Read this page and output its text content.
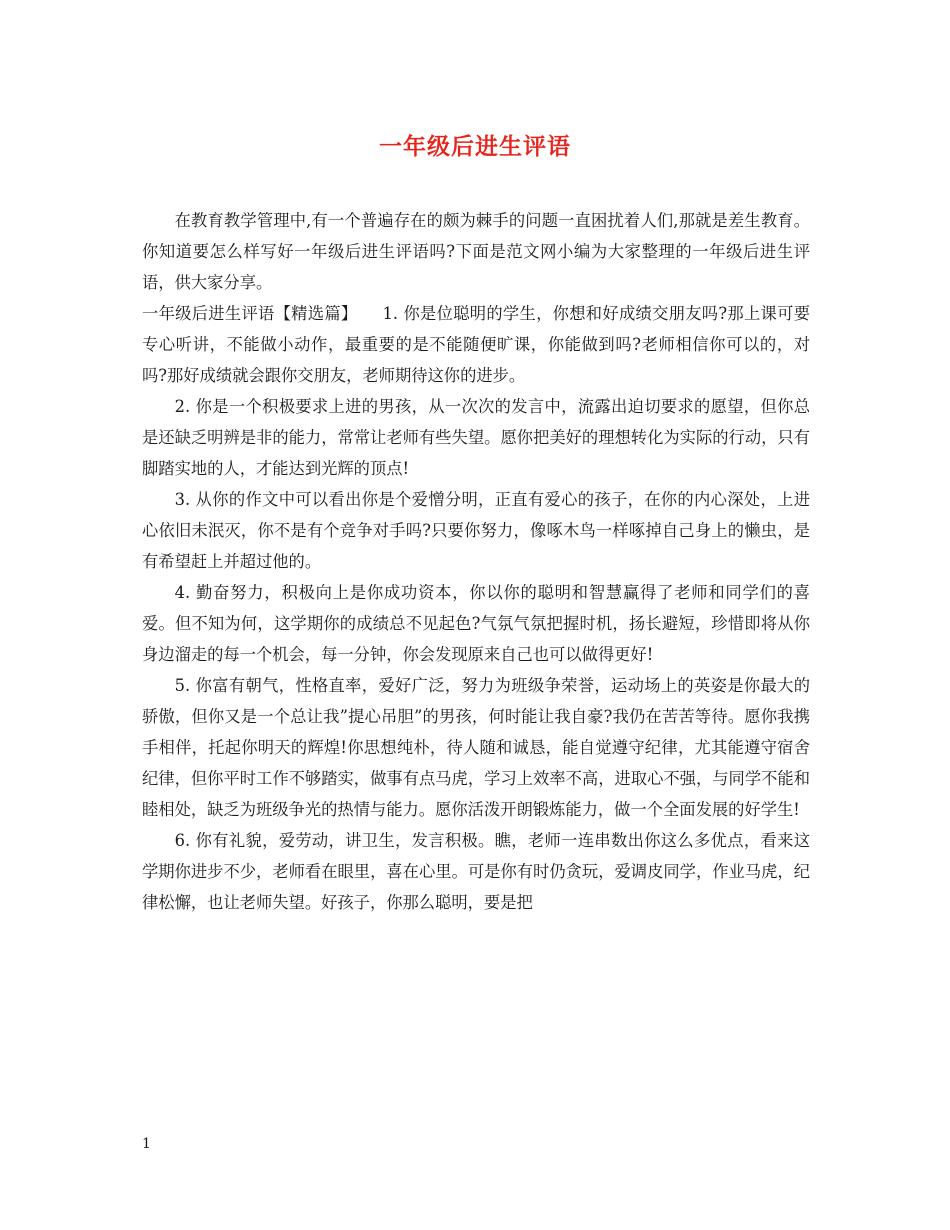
一年级后进生评语

在教育教学管理中,有一个普遍存在的颇为棘手的问题一直困扰着人们,那就是差生教育。你知道要怎么样写好一年级后进生评语吗?下面是范文网小编为大家整理的一年级后进生评语，供大家分享。

一年级后进生评语【精选篇】　　1. 你是位聪明的学生，你想和好成绩交朋友吗?那上课可要专心听讲，不能做小动作，最重要的是不能随便旷课，你能做到吗?老师相信你可以的，对吗?那好成绩就会跟你交朋友，老师期待这你的进步。

2. 你是一个积极要求上进的男孩，从一次次的发言中，流露出迫切要求的愿望，但你总是还缺乏明辨是非的能力，常常让老师有些失望。愿你把美好的理想转化为实际的行动，只有脚踏实地的人，才能达到光辉的顶点!

3. 从你的作文中可以看出你是个爱憎分明，正直有爱心的孩子，在你的内心深处，上进心依旧未泯灭，你不是有个竞争对手吗?只要你努力，像啄木鸟一样啄掉自己身上的懒虫，是有希望赶上并超过他的。

4. 勤奋努力，积极向上是你成功资本，你以你的聪明和智慧赢得了老师和同学们的喜爱。但不知为何，这学期你的成绩总不见起色?气氛气氛把握时机，扬长避短，珍惜即将从你身边溜走的每一个机会，每一分钟，你会发现原来自己也可以做得更好!

5. 你富有朝气，性格直率，爱好广泛，努力为班级争荣誉，运动场上的英姿是你最大的骄傲，但你又是一个总让我”提心吊胆”的男孩，何时能让我自豪?我仍在苦苦等待。愿你我携手相伴，托起你明天的辉煌!你思想纯朴，待人随和诚恳，能自觉遵守纪律，尤其能遵守宿舍纪律，但你平时工作不够踏实，做事有点马虎，学习上效率不高，进取心不强，与同学不能和睦相处，缺乏为班级争光的热情与能力。愿你活泼开朗锻炼能力，做一个全面发展的好学生!

6. 你有礼貌，爱劳动，讲卫生，发言积极。瞧，老师一连串数出你这么多优点，看来这学期你进步不少，老师看在眼里，喜在心里。可是你有时仍贪玩，爱调皮同学，作业马虎，纪律松懈，也让老师失望。好孩子，你那么聪明，要是把

1
